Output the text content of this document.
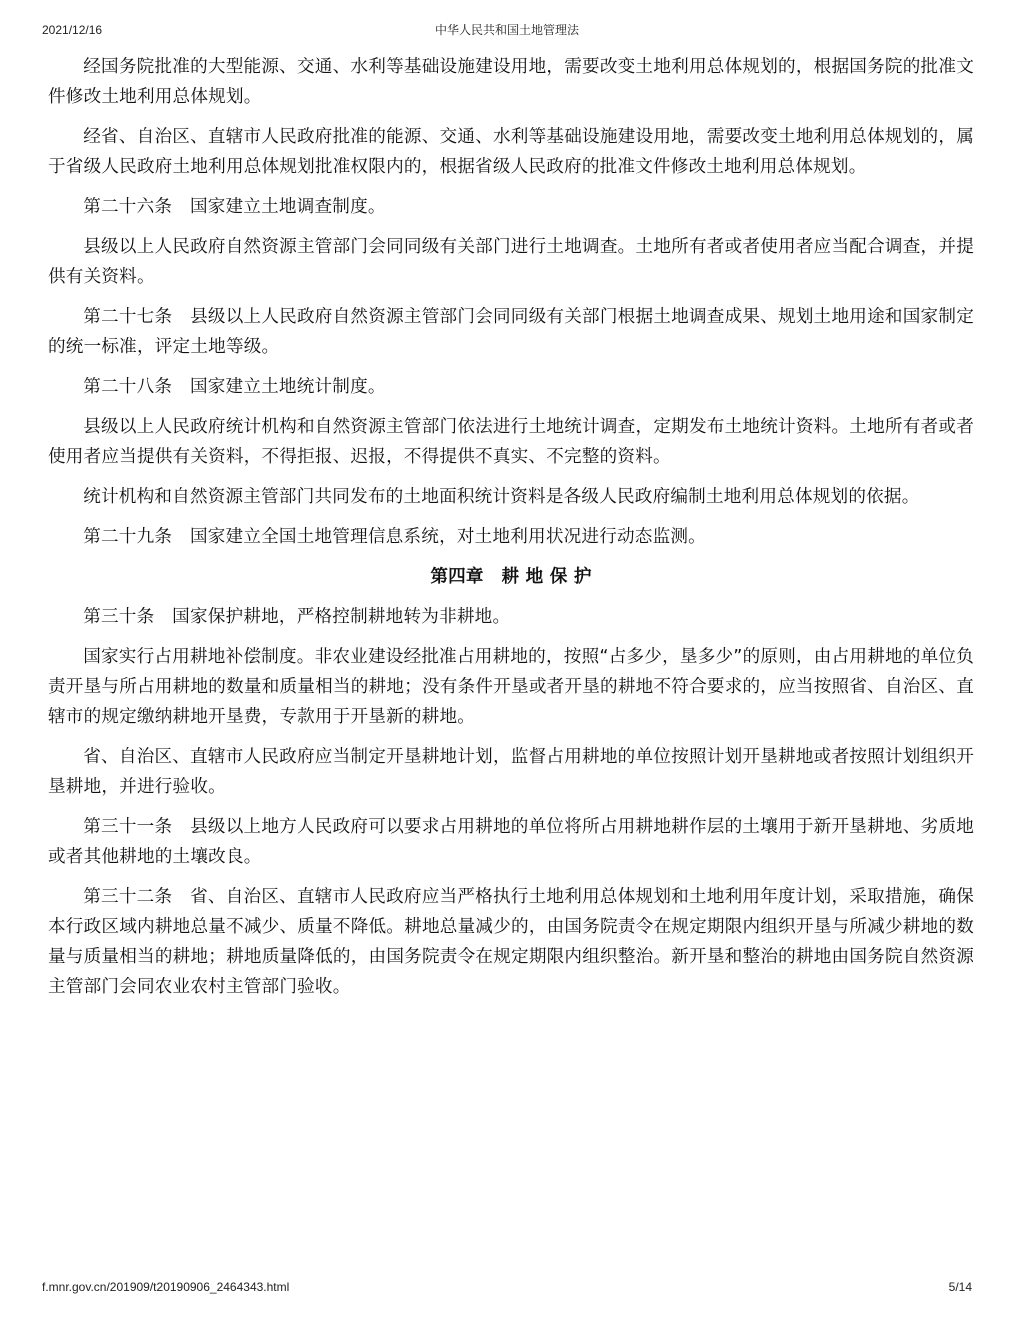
2021/12/16	中华人民共和国土地管理法

经国务院批准的大型能源、交通、水利等基础设施建设用地，需要改变土地利用总体规划的，根据国务院的批准文件修改土地利用总体规划。

经省、自治区、直辖市人民政府批准的能源、交通、水利等基础设施建设用地，需要改变土地利用总体规划的，属于省级人民政府土地利用总体规划批准权限内的，根据省级人民政府的批准文件修改土地利用总体规划。

第二十六条　国家建立土地调查制度。

县级以上人民政府自然资源主管部门会同同级有关部门进行土地调查。土地所有者或者使用者应当配合调查，并提供有关资料。

第二十七条　县级以上人民政府自然资源主管部门会同同级有关部门根据土地调查成果、规划土地用途和国家制定的统一标准，评定土地等级。

第二十八条　国家建立土地统计制度。

县级以上人民政府统计机构和自然资源主管部门依法进行土地统计调查，定期发布土地统计资料。土地所有者或者使用者应当提供有关资料，不得拒报、迟报，不得提供不真实、不完整的资料。

统计机构和自然资源主管部门共同发布的土地面积统计资料是各级人民政府编制土地利用总体规划的依据。

第二十九条　国家建立全国土地管理信息系统，对土地利用状况进行动态监测。

第四章　耕 地 保 护

第三十条　国家保护耕地，严格控制耕地转为非耕地。

国家实行占用耕地补偿制度。非农业建设经批准占用耕地的，按照“占多少，垦多少”的原则，由占用耕地的单位负责开垦与所占用耕地的数量和质量相当的耕地；没有条件开垦或者开垦的耕地不符合要求的，应当按照省、自治区、直辖市的规定缴纳耕地开垦费，专款用于开垦新的耕地。

省、自治区、直辖市人民政府应当制定开垦耕地计划，监督占用耕地的单位按照计划开垦耕地或者按照计划组织开垦耕地，并进行验收。

第三十一条　县级以上地方人民政府可以要求占用耕地的单位将所占用耕地耕作层的土壤用于新开垦耕地、劣质地或者其他耕地的土壤改良。

第三十二条　省、自治区、直辖市人民政府应当严格执行土地利用总体规划和土地利用年度计划，采取措施，确保本行政区域内耕地总量不减少、质量不降低。耕地总量减少的，由国务院责令在规定期限内组织开垦与所减少耕地的数量与质量相当的耕地；耕地质量降低的，由国务院责令在规定期限内组织整治。新开垦和整治的耕地由国务院自然资源主管部门会同农业农村主管部门验收。

f.mnr.gov.cn/201909/t20190906_2464343.html	5/14
